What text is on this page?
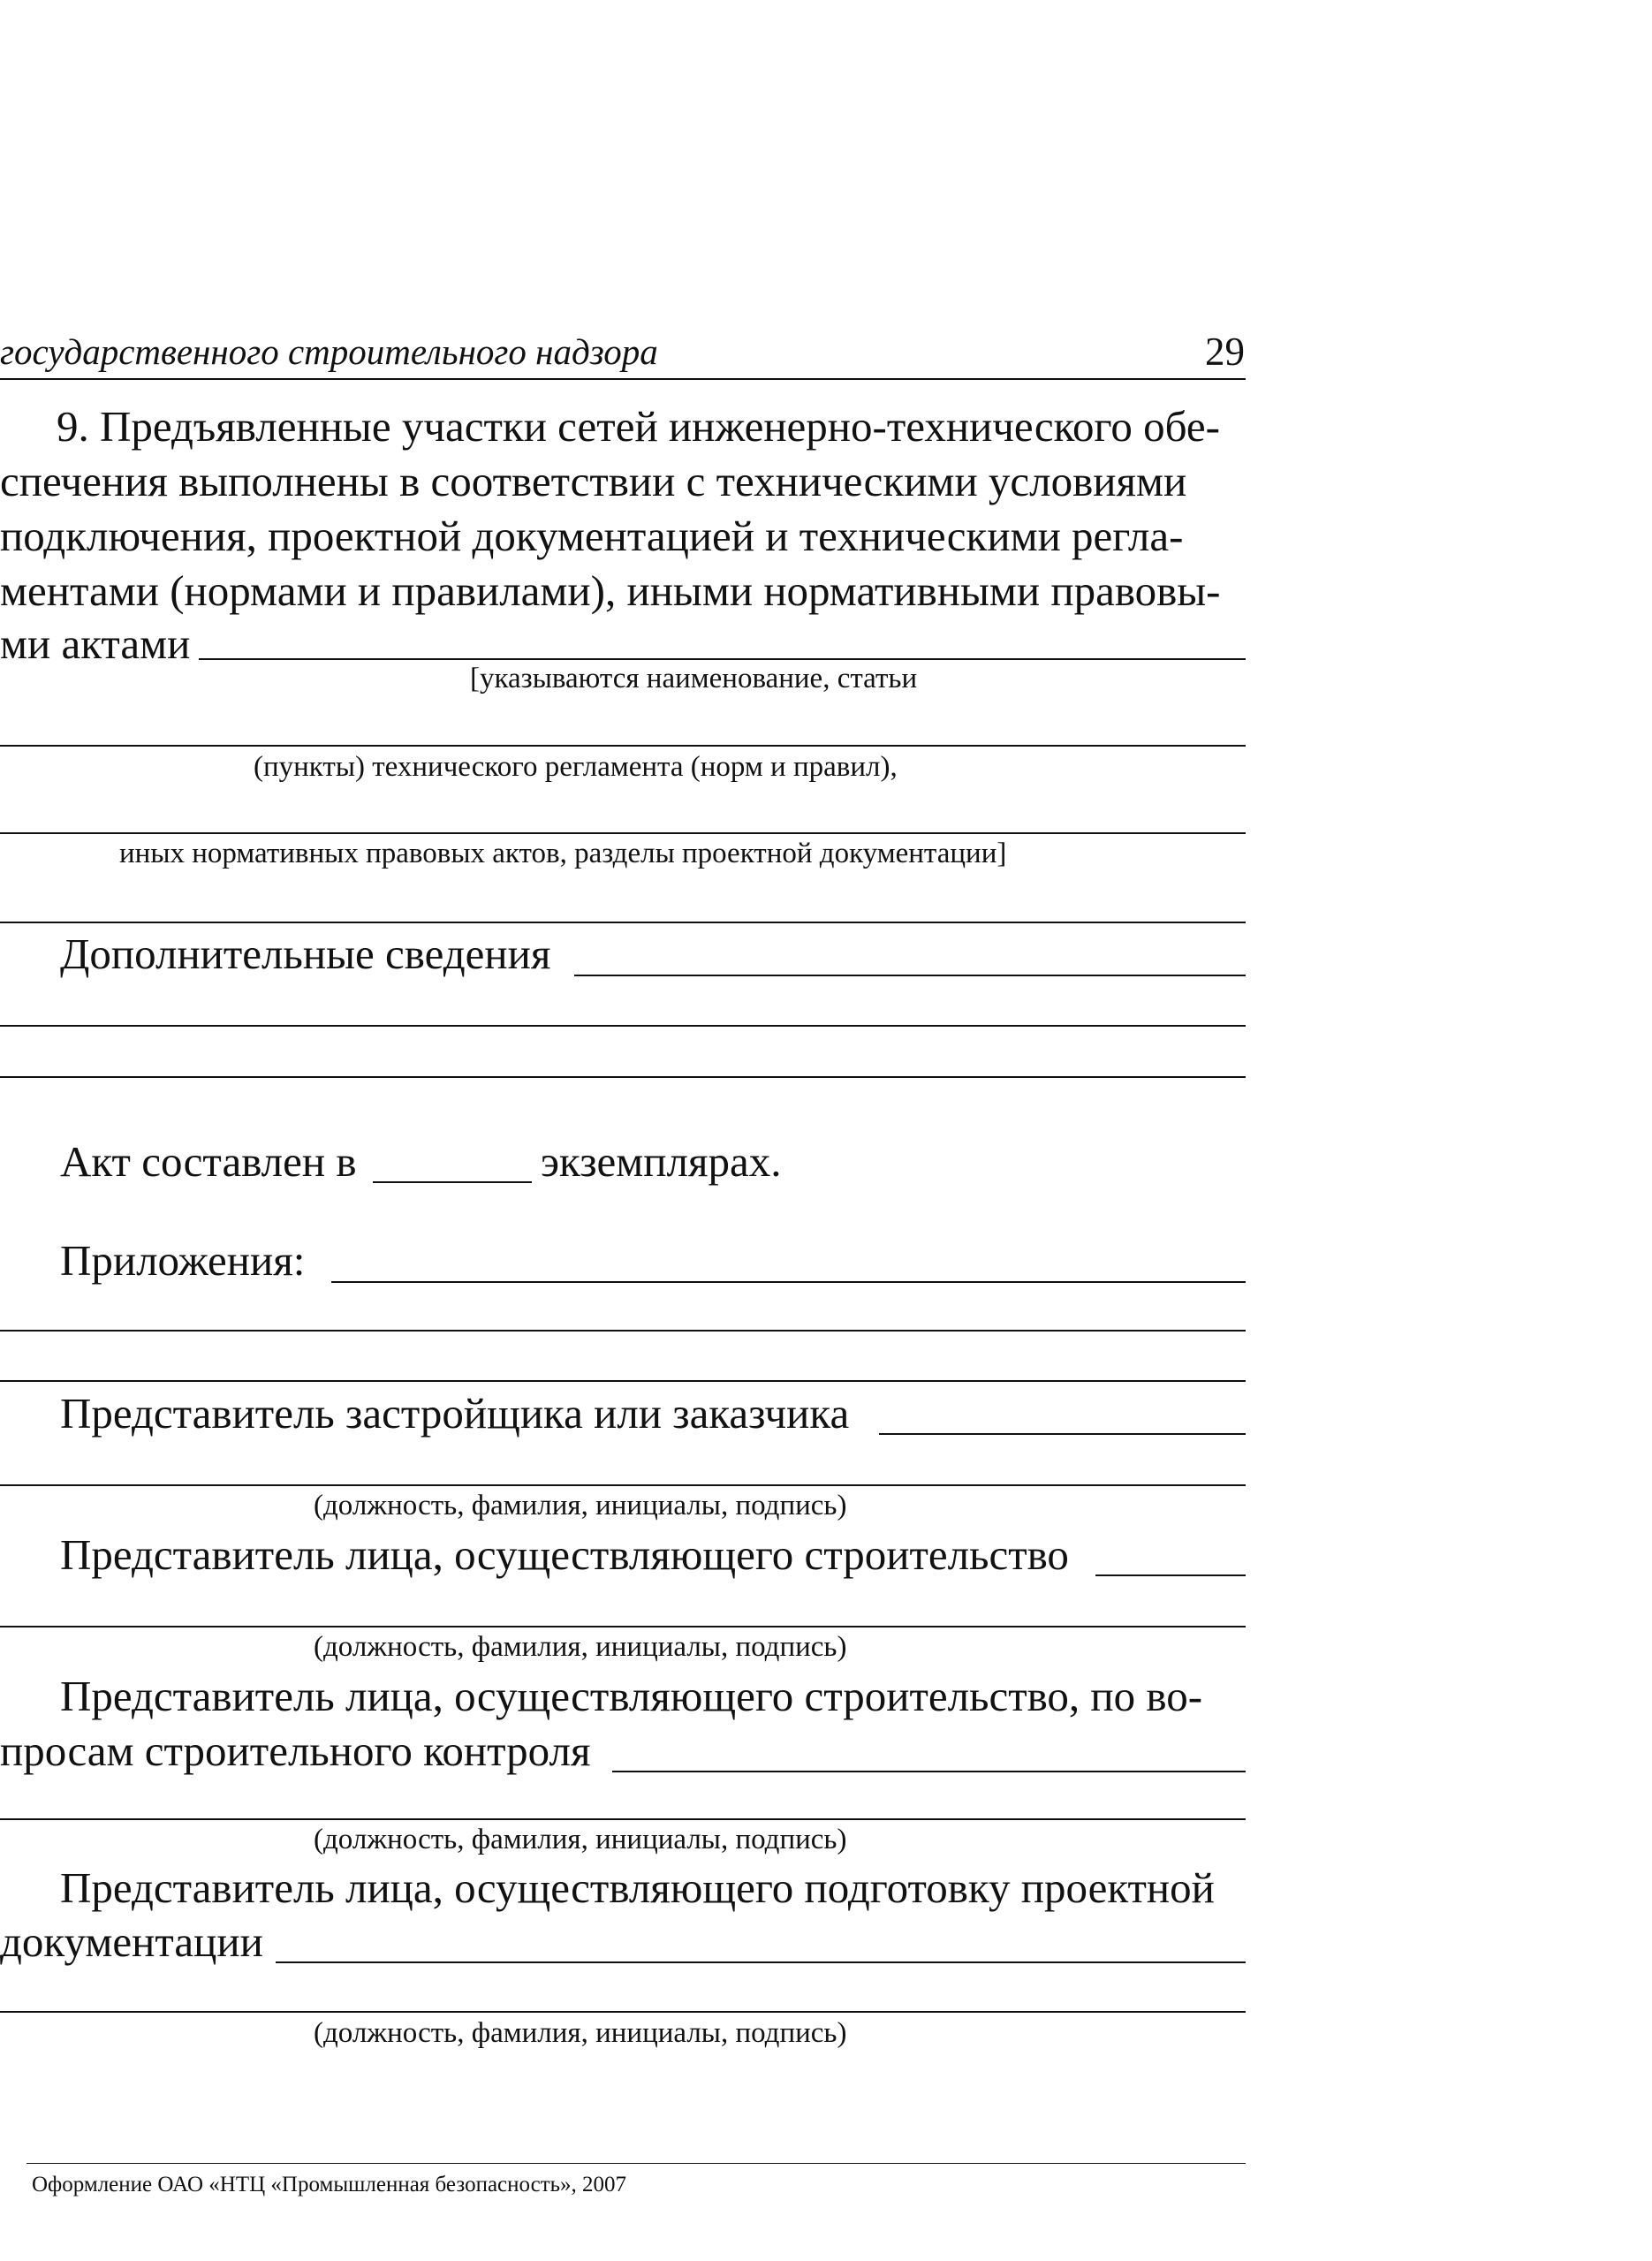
государственного строительного надзора	29
9. Предъявленные участки сетей инженерно-технического обе-
спечения выполнены в соответствии с техническими условиями
подключения, проектной документацией и техническими регла-
ментами (нормами и правилами), иными нормативными правовы-
ми актами
[указываются наименование, статьи
(пункты) технического регламента (норм и правил),
иных нормативных правовых актов, разделы проектной документации]
Дополнительные сведения
Акт составлен в	экземплярах.
Приложения:
Представитель застройщика или заказчика
(должность, фамилия, инициалы, подпись)
Представитель лица, осуществляющего строительство
(должность, фамилия, инициалы, подпись)
Представитель лица, осуществляющего строительство, по во-
просам строительного контроля
(должность, фамилия, инициалы, подпись)
Представитель лица, осуществляющего подготовку проектной
документации
(должность, фамилия, инициалы, подпись)
Оформление ОАО «НТЦ «Промышленная безопасность», 2007
